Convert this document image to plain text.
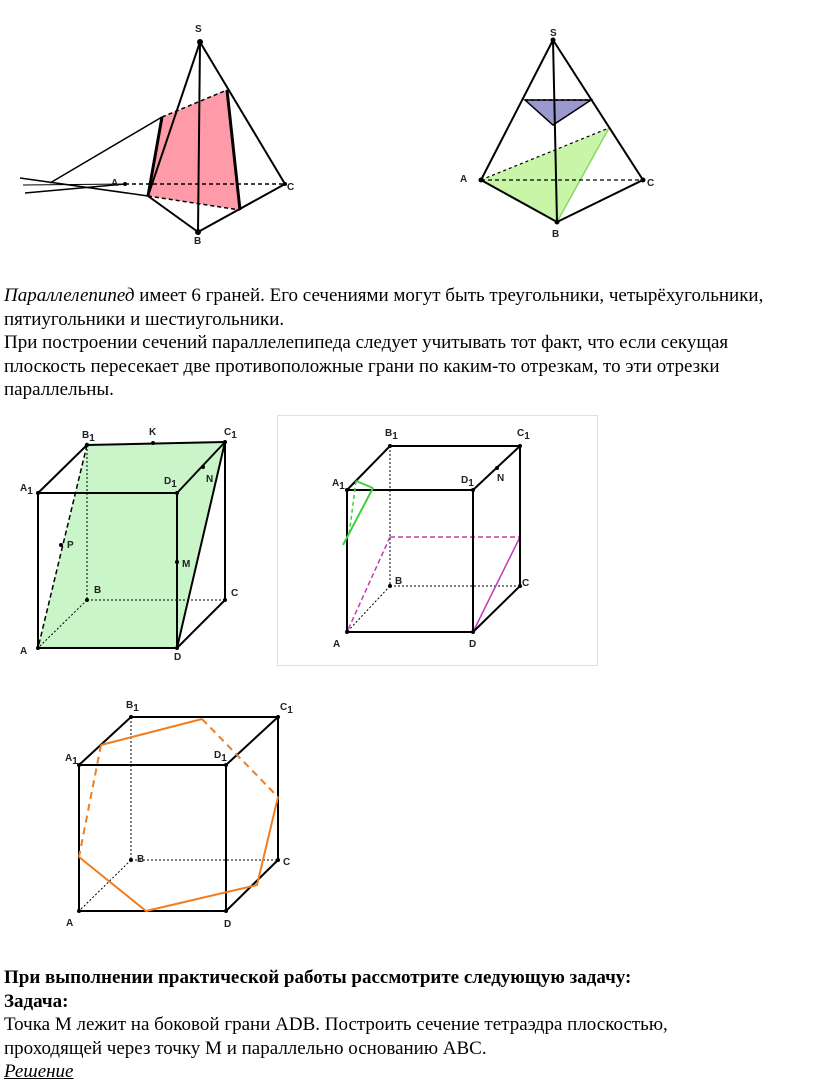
S
A
B
C
S
A
B
C

Параллелепипед имеет 6 граней. Его сечениями могут быть треугольники, четырёхугольники,

пятиугольники и шестиугольники.

При построении сечений параллелепипеда следует учитывать тот факт, что если секущая

плоскость пересекает две противоположные грани по каким-то отрезкам, то эти отрезки

параллельны.

B1
K	C1
A1
D1	N
P
M
B	C
A
D
B1	C1
A1
D1 N
B	C
A	D
B1	C1
A1
D1
B	C
A	D

При выполнении практической работы рассмотрите следующую задачу:

Задача:

Точка М лежит на боковой грани ADB. Построить сечение тетраэдра плоскостью,

проходящей через точку М и параллельно основанию ABC.

Решение
